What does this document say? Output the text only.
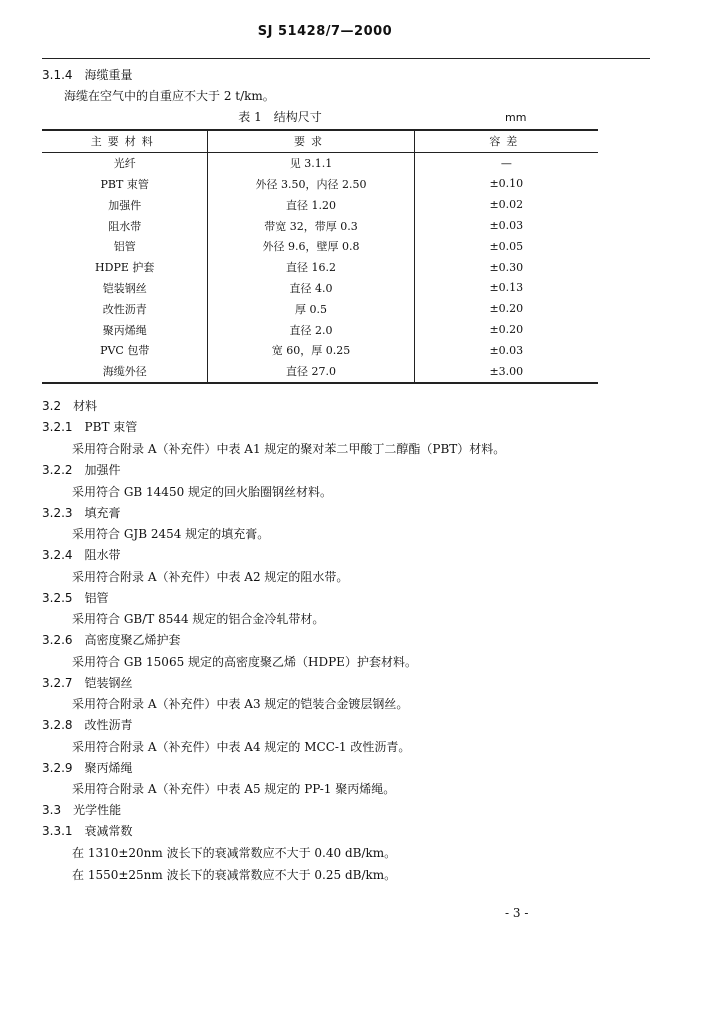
SJ 51428/7—2000
3.1.4 海缆重量
海缆在空气中的自重应不大于 2 t/km。
表 1　结构尺寸	mm
主要材料	要求	容差
光纤	见 3.1.1	—
PBT 束管	外径 3.50，内径 2.50	±0.10
加强件	直径 1.20	±0.02
阻水带	带宽 32，带厚 0.3	±0.03
铝管	外径 9.6，壁厚 0.8	±0.05
HDPE 护套	直径 16.2	±0.30
铠装钢丝	直径 4.0	±0.13
改性沥青	厚 0.5	±0.20
聚丙烯绳	直径 2.0	±0.20
PVC 包带	宽 60，厚 0.25	±0.03
海缆外径	直径 27.0	±3.00
3.2 材料
3.2.1 PBT 束管
采用符合附录 A（补充件）中表 A1 规定的聚对苯二甲酸丁二醇酯（PBT）材料。
3.2.2 加强件
采用符合 GB 14450 规定的回火胎圈钢丝材料。
3.2.3 填充膏
采用符合 GJB 2454 规定的填充膏。
3.2.4 阻水带
采用符合附录 A（补充件）中表 A2 规定的阻水带。
3.2.5 铝管
采用符合 GB/T 8544 规定的铝合金冷轧带材。
3.2.6 高密度聚乙烯护套
采用符合 GB 15065 规定的高密度聚乙烯（HDPE）护套材料。
3.2.7 铠装钢丝
采用符合附录 A（补充件）中表 A3 规定的铠装合金镀层钢丝。
3.2.8 改性沥青
采用符合附录 A（补充件）中表 A4 规定的 MCC-1 改性沥青。
3.2.9 聚丙烯绳
采用符合附录 A（补充件）中表 A5 规定的 PP-1 聚丙烯绳。
3.3 光学性能
3.3.1 衰减常数
在 1310±20nm 波长下的衰减常数应不大于 0.40 dB/km。
在 1550±25nm 波长下的衰减常数应不大于 0.25 dB/km。
- 3 -
